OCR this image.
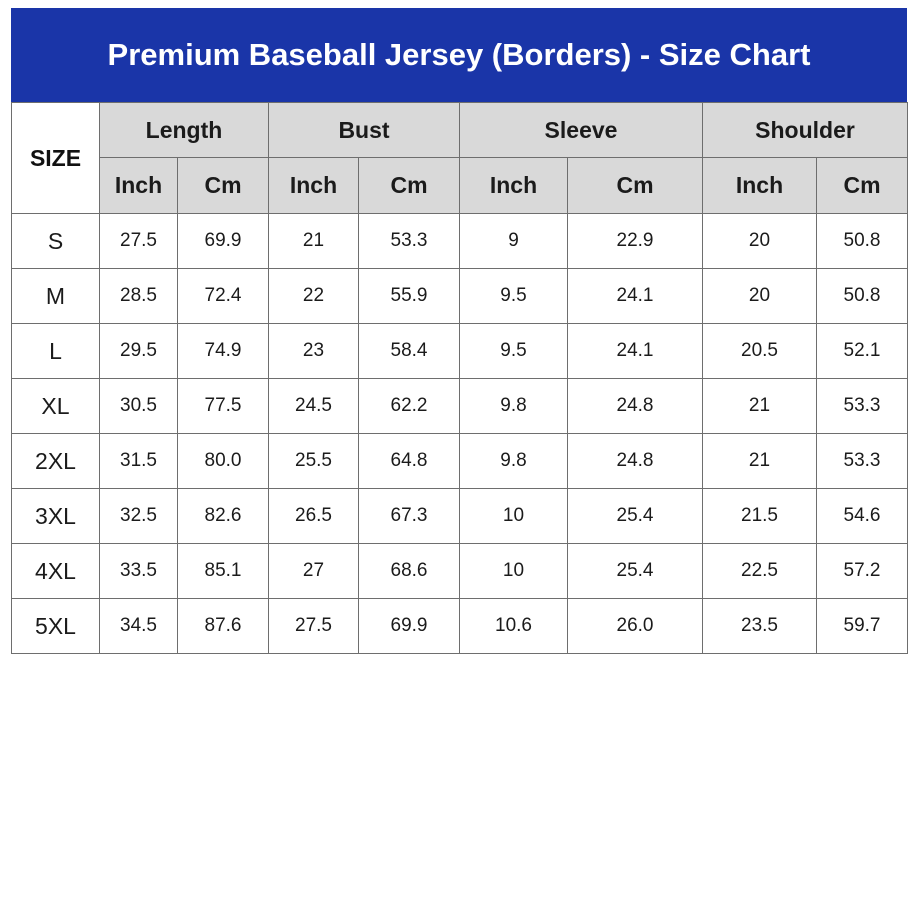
Premium Baseball Jersey (Borders) - Size Chart
SIZE	Length		Bust		Sleeve		Shoulder	
	Inch	Cm	Inch	Cm	Inch	Cm	Inch	Cm
S	27.5	69.9	21	53.3	9	22.9	20	50.8
M	28.5	72.4	22	55.9	9.5	24.1	20	50.8
L	29.5	74.9	23	58.4	9.5	24.1	20.5	52.1
XL	30.5	77.5	24.5	62.2	9.8	24.8	21	53.3
2XL	31.5	80.0	25.5	64.8	9.8	24.8	21	53.3
3XL	32.5	82.6	26.5	67.3	10	25.4	21.5	54.6
4XL	33.5	85.1	27	68.6	10	25.4	22.5	57.2
5XL	34.5	87.6	27.5	69.9	10.6	26.0	23.5	59.7
